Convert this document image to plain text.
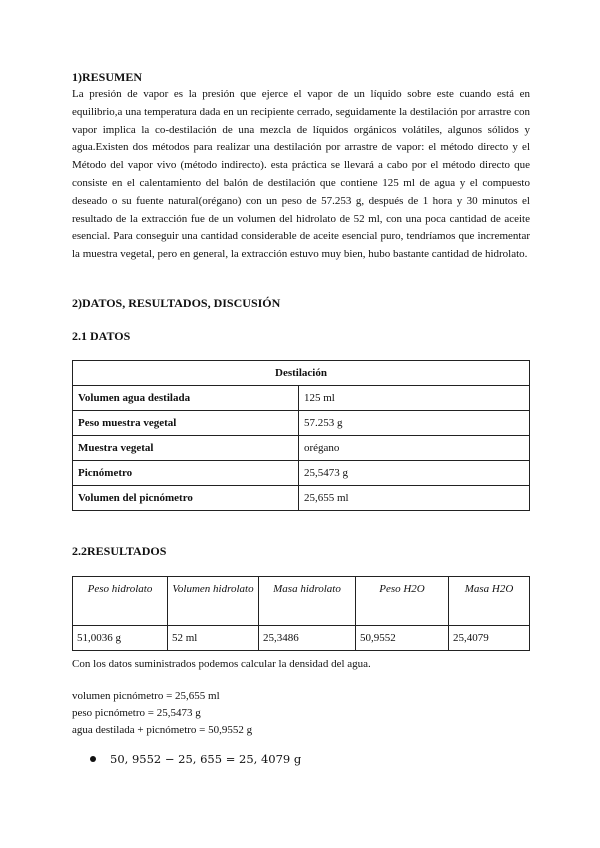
1)RESUMEN

La presión de vapor es la presión que ejerce el vapor de un líquido sobre este cuando está en equilibrio,a una temperatura dada en un recipiente cerrado, seguidamente la destilación por arrastre con vapor implica la co-destilación de una mezcla de líquidos orgánicos volátiles, algunos sólidos y agua.Existen dos métodos para realizar una destilación por arrastre de vapor: el método directo y el Método del vapor vivo (método indirecto). esta práctica se llevará a cabo por el método directo que consiste en el calentamiento del balón de destilación que contiene 125 ml de agua y el compuesto deseado o su fuente natural(orégano) con un peso de 57.253 g, después de 1 hora y 30 minutos el resultado de la extracción fue de un volumen del hidrolato de 52 ml, con una poca cantidad de aceite esencial. Para conseguir una cantidad considerable de aceite esencial puro, tendríamos que incrementar la muestra vegetal, pero en general, la extracción estuvo muy bien, hubo bastante cantidad de hidrolato.

2)DATOS, RESULTADOS, DISCUSIÓN
2.1 DATOS
Destilación	
Volumen agua destilada	125 ml
Peso muestra vegetal	57.253 g
Muestra vegetal	orégano
Picnómetro	25,5473 g
Volumen del picnómetro	25,655 ml
2.2RESULTADOS
Peso hidrolato	Volumen hidrolato	Masa hidrolato	Peso H2O	Masa H2O
51,0036 g	52 ml	25,3486	50,9552	25,4079

Con los datos suministrados podemos calcular la densidad del agua.

volumen picnómetro = 25,655 ml
peso picnómetro = 25,5473 g
agua destilada + picnómetro = 50,9552 g
50, 9552 − 25, 655 = 25, 4079 g
